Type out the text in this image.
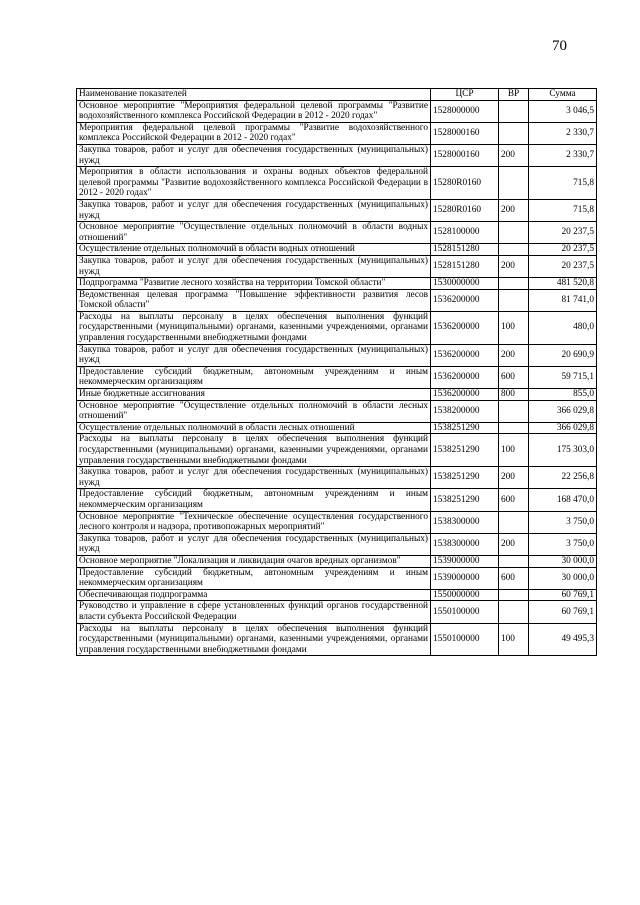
70
Наименование показателей	ЦСР	ВР	Сумма
Основное мероприятие "Мероприятия федеральной целевой программы "Развитие водохозяйственного комплекса Российской Федерации в 2012 - 2020 годах"	1528000000		3 046,5
Мероприятия федеральной целевой программы "Развитие водохозяйственного комплекса Российской Федерации в 2012 - 2020 годах"	1528000160		2 330,7
Закупка товаров, работ и услуг для обеспечения государственных (муниципальных) нужд	1528000160	200	2 330,7
Мероприятия в области использования и охраны водных объектов федеральной целевой программы "Развитие водохозяйственного комплекса Российской Федерации в 2012 - 2020 годах"	15280R0160		715,8
Закупка товаров, работ и услуг для обеспечения государственных (муниципальных) нужд	15280R0160	200	715,8
Основное мероприятие "Осуществление отдельных полномочий в области водных отношений"	1528100000		20 237,5
Осуществление отдельных полномочий в области водных отношений	1528151280		20 237,5
Закупка товаров, работ и услуг для обеспечения государственных (муниципальных) нужд	1528151280	200	20 237,5
Подпрограмма "Развитие лесного хозяйства на территории Томской области"	1530000000		481 520,8
Ведомственная целевая программа "Повышение эффективности развития лесов Томской области"	1536200000		81 741,0
Расходы на выплаты персоналу в целях обеспечения выполнения функций государственными (муниципальными) органами, казенными учреждениями, органами управления государственными внебюджетными фондами	1536200000	100	480,0
Закупка товаров, работ и услуг для обеспечения государственных (муниципальных) нужд	1536200000	200	20 690,9
Предоставление субсидий бюджетным, автономным учреждениям и иным некоммерческим организациям	1536200000	600	59 715,1
Иные бюджетные ассигнования	1536200000	800	855,0
Основное мероприятие "Осуществление отдельных полномочий в области лесных отношений"	1538200000		366 029,8
Осуществление отдельных полномочий в области лесных отношений	1538251290		366 029,8
Расходы на выплаты персоналу в целях обеспечения выполнения функций государственными (муниципальными) органами, казенными учреждениями, органами управления государственными внебюджетными фондами	1538251290	100	175 303,0
Закупка товаров, работ и услуг для обеспечения государственных (муниципальных) нужд	1538251290	200	22 256,8
Предоставление субсидий бюджетным, автономным учреждениям и иным некоммерческим организациям	1538251290	600	168 470,0
Основное мероприятие "Техническое обеспечение осуществления государственного лесного контроля и надзора, противопожарных мероприятий"	1538300000		3 750,0
Закупка товаров, работ и услуг для обеспечения государственных (муниципальных) нужд	1538300000	200	3 750,0
Основное мероприятие "Локализация и ликвидация очагов вредных организмов"	1539000000		30 000,0
Предоставление субсидий бюджетным, автономным учреждениям и иным некоммерческим организациям	1539000000	600	30 000,0
Обеспечивающая подпрограмма	1550000000		60 769,1
Руководство и управление в сфере установленных функций органов государственной власти субъекта Российской Федерации	1550100000		60 769,1
Расходы на выплаты персоналу в целях обеспечения выполнения функций государственными (муниципальными) органами, казенными учреждениями, органами управления государственными внебюджетными фондами	1550100000	100	49 495,3
